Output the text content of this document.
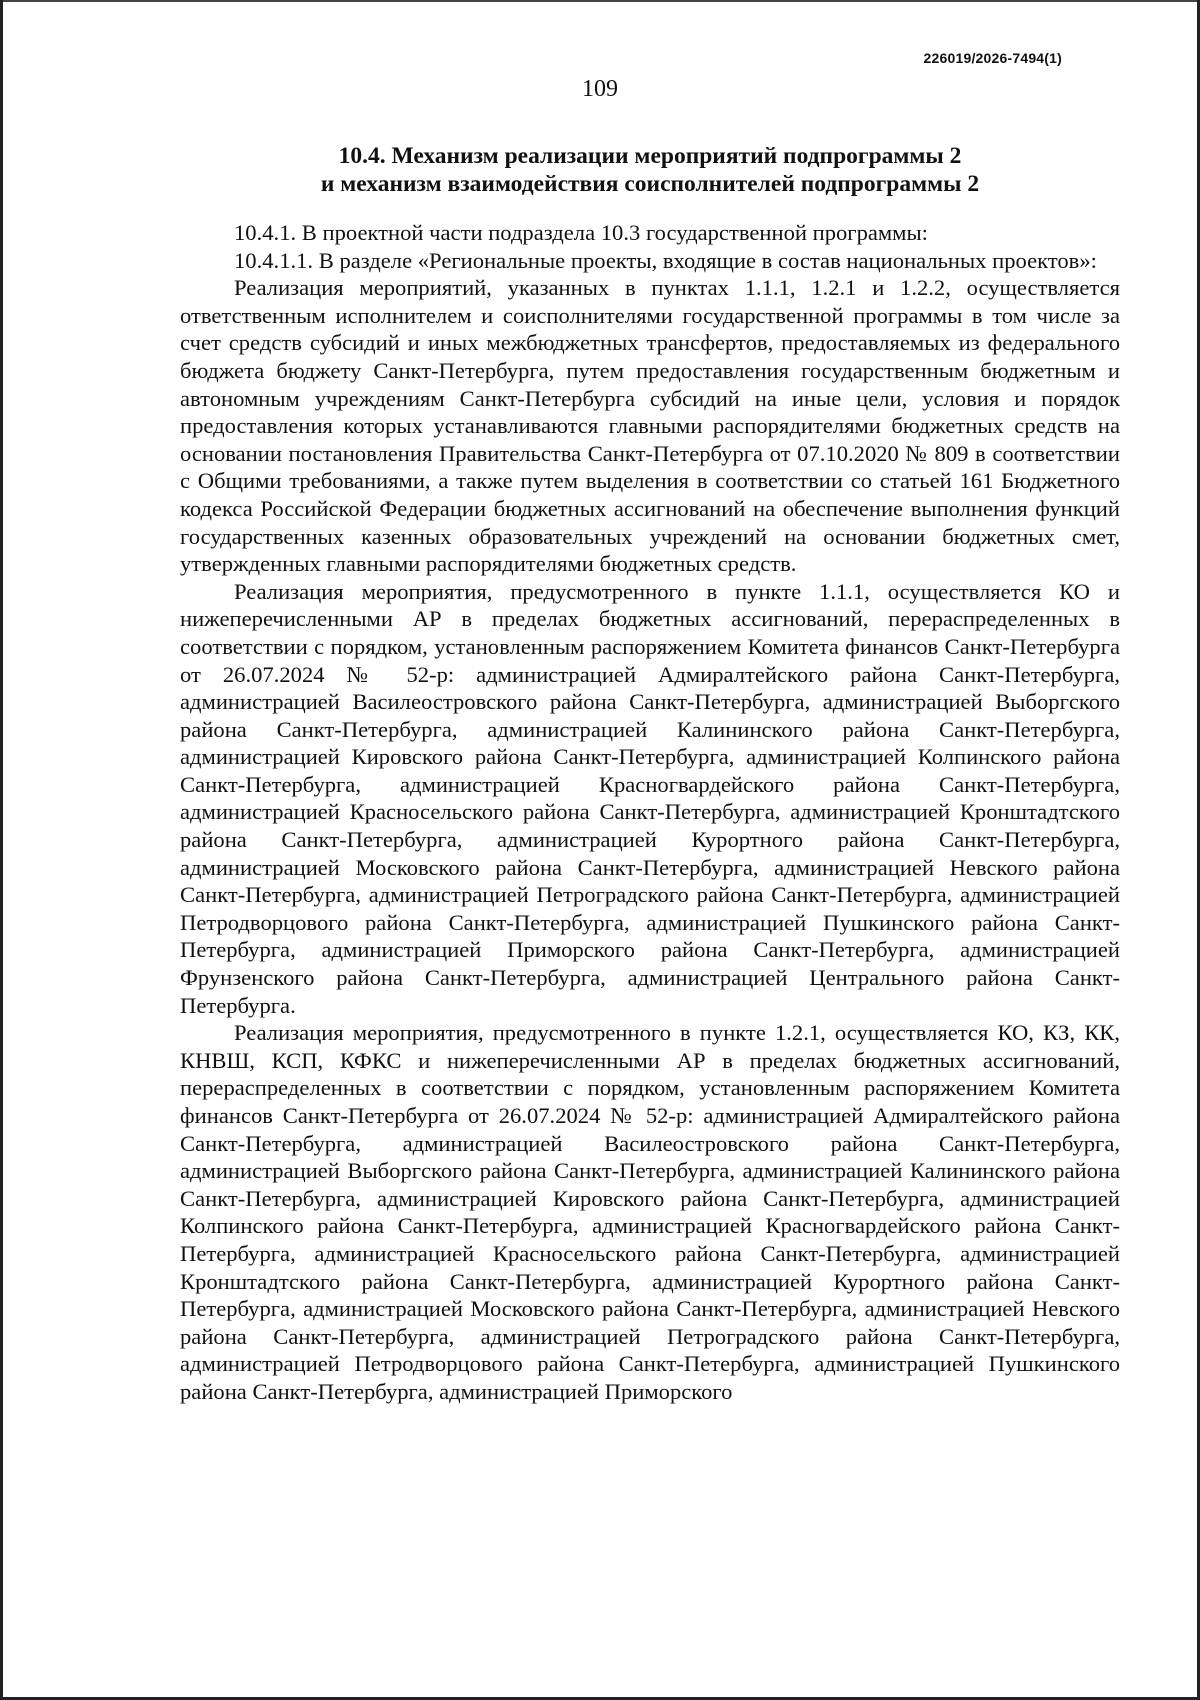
226019/2026-7494(1)
109
10.4. Механизм реализации мероприятий подпрограммы 2
и механизм взаимодействия соисполнителей подпрограммы 2

10.4.1. В проектной части подраздела 10.3 государственной программы:

10.4.1.1. В разделе «Региональные проекты, входящие в состав национальных проектов»:

Реализация мероприятий, указанных в пунктах 1.1.1, 1.2.1 и 1.2.2, осуществляется ответственным исполнителем и соисполнителями государственной программы в том числе за счет средств субсидий и иных межбюджетных трансфертов, предоставляемых из федерального бюджета бюджету Санкт-Петербурга, путем предоставления государственным бюджетным и автономным учреждениям Санкт-Петербурга субсидий на иные цели, условия и порядок предоставления которых устанавливаются главными распорядителями бюджетных средств на основании постановления Правительства Санкт-Петербурга от 07.10.2020 № 809 в соответствии с Общими требованиями, а также путем выделения в соответствии со статьей 161 Бюджетного кодекса Российской Федерации бюджетных ассигнований на обеспечение выполнения функций государственных казенных образовательных учреждений на основании бюджетных смет, утвержденных главными распорядителями бюджетных средств.

Реализация мероприятия, предусмотренного в пункте 1.1.1, осуществляется КО и нижеперечисленными АР в пределах бюджетных ассигнований, перераспределенных в соответствии с порядком, установленным распоряжением Комитета финансов Санкт-Петербурга от 26.07.2024 № 52-р: администрацией Адмиралтейского района Санкт-Петербурга, администрацией Василеостровского района Санкт-Петербурга, администрацией Выборгского района Санкт-Петербурга, администрацией Калининского района Санкт-Петербурга, администрацией Кировского района Санкт-Петербурга, администрацией Колпинского района Санкт-Петербурга, администрацией Красногвардейского района Санкт-Петербурга, администрацией Красносельского района Санкт-Петербурга, администрацией Кронштадтского района Санкт-Петербурга, администрацией Курортного района Санкт-Петербурга, администрацией Московского района Санкт-Петербурга, администрацией Невского района Санкт-Петербурга, администрацией Петроградского района Санкт-Петербурга, администрацией Петродворцового района Санкт-Петербурга, администрацией Пушкинского района Санкт-Петербурга, администрацией Приморского района Санкт-Петербурга, администрацией Фрунзенского района Санкт-Петербурга, администрацией Центрального района Санкт-Петербурга.

Реализация мероприятия, предусмотренного в пункте 1.2.1, осуществляется КО, КЗ, КК, КНВШ, КСП, КФКС и нижеперечисленными АР в пределах бюджетных ассигнований, перераспределенных в соответствии с порядком, установленным распоряжением Комитета финансов Санкт-Петербурга от 26.07.2024 № 52-р: администрацией Адмиралтейского района Санкт-Петербурга, администрацией Василеостровского района Санкт-Петербурга, администрацией Выборгского района Санкт-Петербурга, администрацией Калининского района Санкт-Петербурга, администрацией Кировского района Санкт-Петербурга, администрацией Колпинского района Санкт-Петербурга, администрацией Красногвардейского района Санкт-Петербурга, администрацией Красносельского района Санкт-Петербурга, администрацией Кронштадтского района Санкт-Петербурга, администрацией Курортного района Санкт-Петербурга, администрацией Московского района Санкт-Петербурга, администрацией Невского района Санкт-Петербурга, администрацией Петроградского района Санкт-Петербурга, администрацией Петродворцового района Санкт-Петербурга, администрацией Пушкинского района Санкт-Петербурга, администрацией Приморского
